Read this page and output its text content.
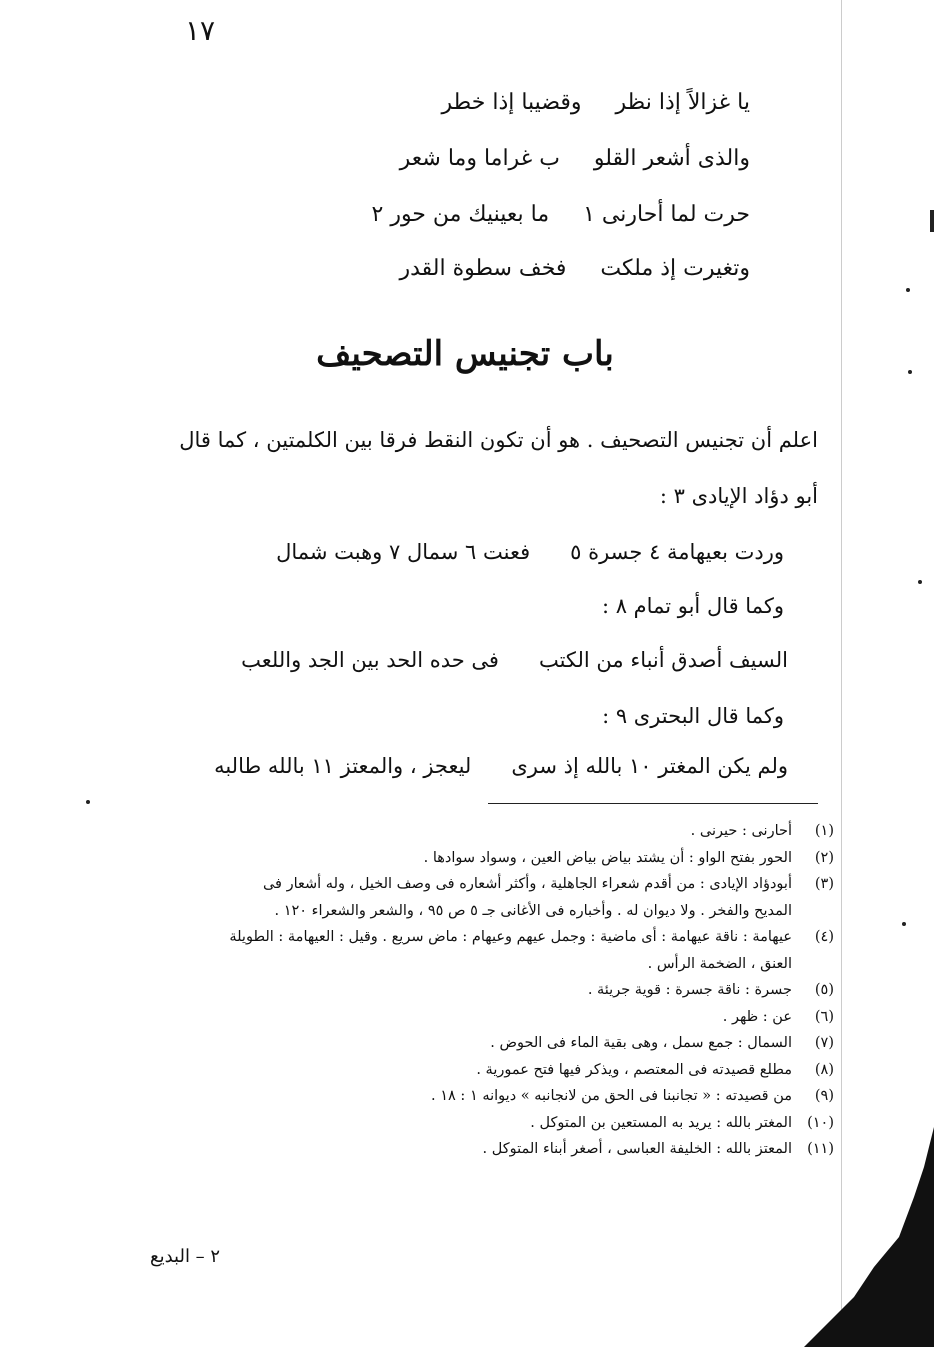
١٧
يا غزالاً إذا نظر
وقضيبا إذا خطر
والذى أشعر القلو
ب غراما وما شعر
حرت لما أحارنى ١
ما بعينيك من حور ٢
وتغيرت إذ ملكت
فخف سطوة القدر
باب تجنيس التصحيف
اعلم أن تجنيس التصحيف . هو أن تكون النقط فرقا بين الكلمتين ، كما قال
أبو دؤاد الإيادى ٣ :
وردت بعيهامة ٤ جسرة ٥
فعنت ٦ سمال ٧ وهبت شمال
وكما قال أبو تمام ٨ :
السيف أصدق أنباء من الكتب
فى حده الحد بين الجد واللعب
وكما قال البحترى ٩ :
ولم يكن المغتر ١٠ بالله إذ سرى
ليعجز ، والمعتز ١١ بالله طالبه
(١)
أحارنى : حيرنى .
(٢)
الحور بفتح الواو : أن يشتد بياض بياض العين ، وسواد سوادها .
(٣)
أبودؤاد الإيادى : من أقدم شعراء الجاهلية ، وأكثر أشعاره فى وصف الخيل ، وله أشعار فى
المديح والفخر . ولا ديوان له . وأخباره فى الأغانى جـ ٥ ص ٩٥ ، والشعر والشعراء ١٢٠ .
(٤)
عيهامة : ناقة عيهامة : أى ماضية : وجمل عيهم وعيهام : ماض سريع . وقيل : العيهامة : الطويلة
العنق ، الضخمة الرأس .
(٥)
جسرة : ناقة جسرة : قوية جريئة .
(٦)
عن : ظهر .
(٧)
السمال : جمع سمل ، وهى بقية الماء فى الحوض .
(٨)
مطلع قصيدته فى المعتصم ، ويذكر فيها فتح عمورية .
(٩)
من قصيدته : « تجانبنا فى الحق من لانجانبه » ديوانه ١ : ١٨ .
(١٠)
المغتر بالله : يريد به المستعين بن المتوكل .
(١١)
المعتز بالله : الخليفة العباسى ، أصغر أبناء المتوكل .
٢ – البديع
